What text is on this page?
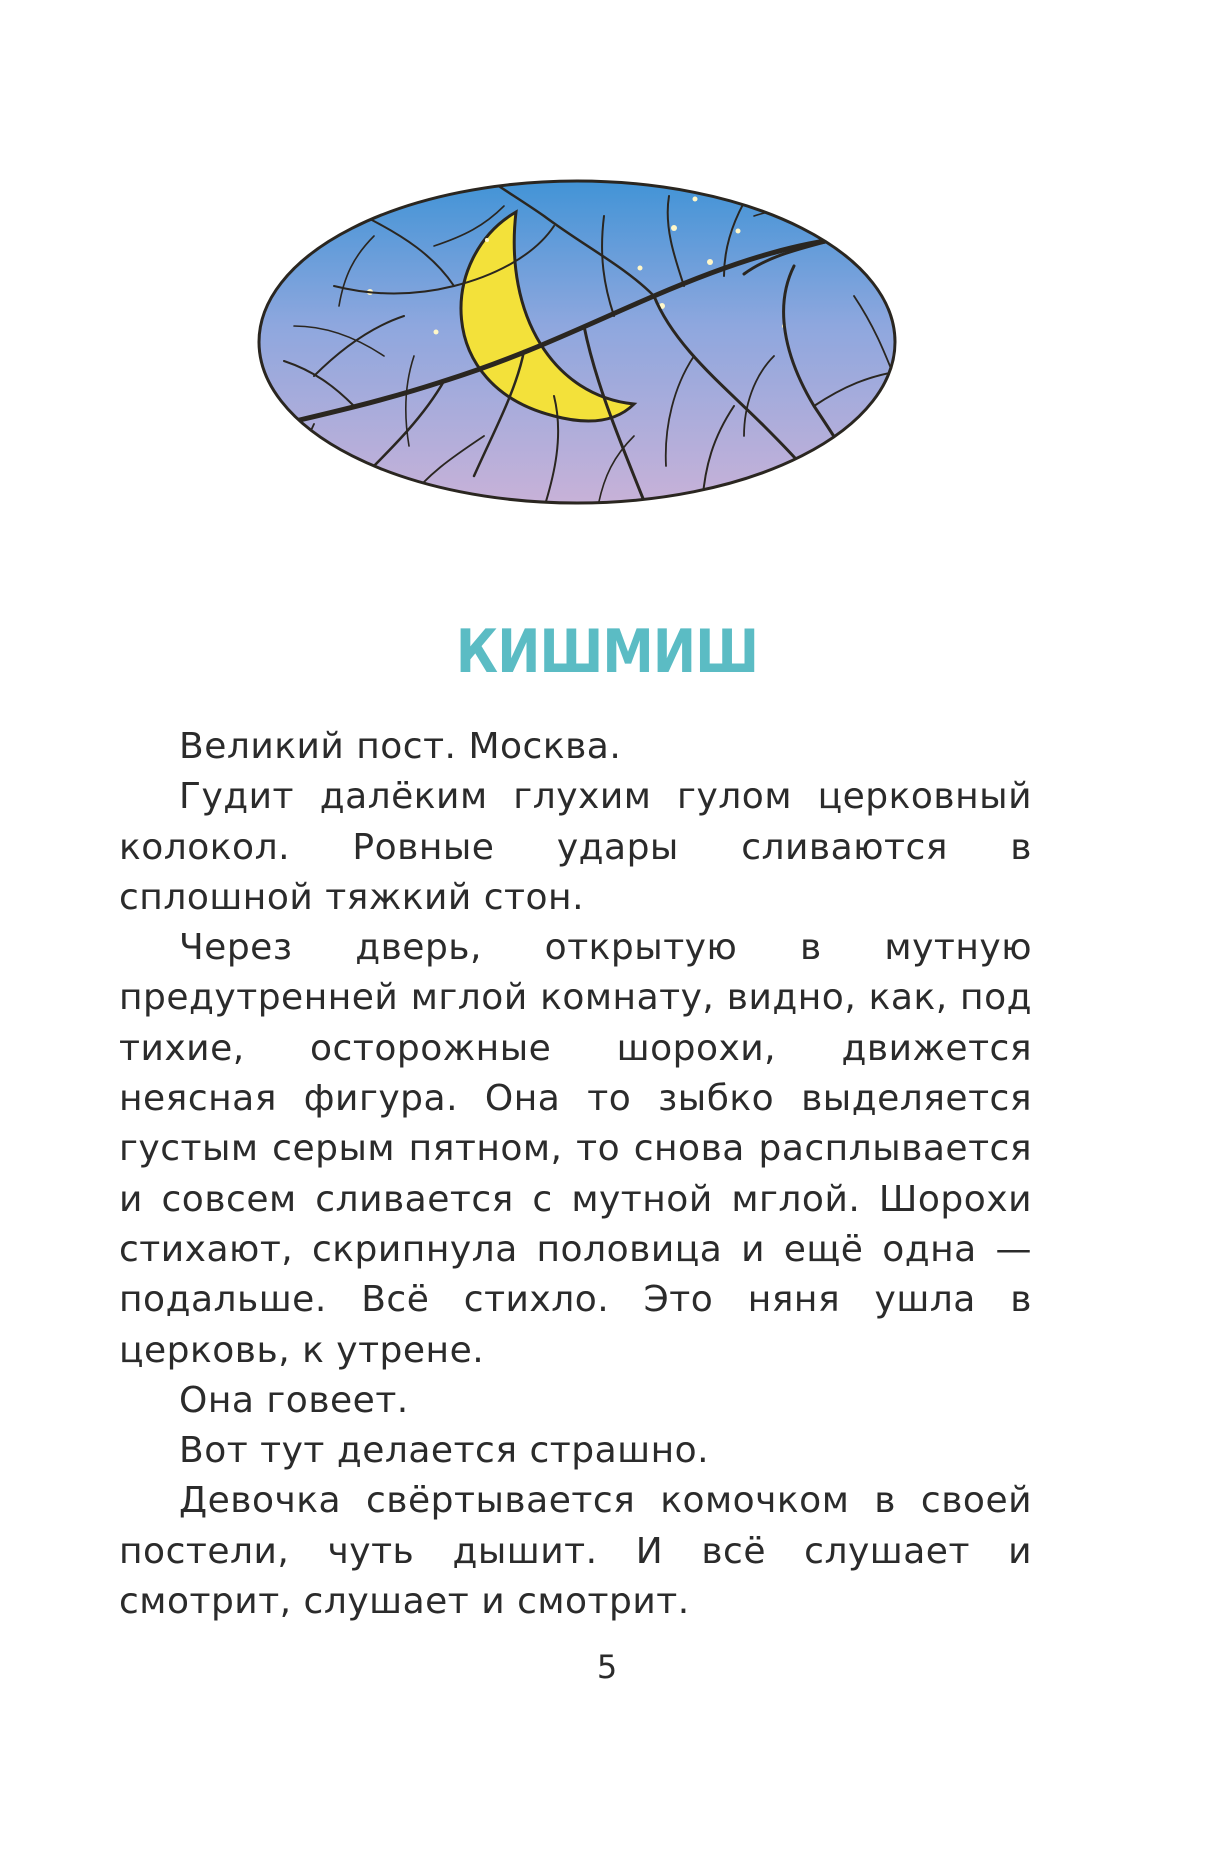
КИШМИШ

Великий пост. Москва.

Гудит далёким глухим гулом церковный колокол. Ровные удары сливаются в сплошной тяжкий стон.

Через дверь, открытую в мутную предутренней мглой комнату, видно, как, под тихие, осторожные шорохи, движется неясная фигура. Она то зыбко выделяется густым серым пятном, то снова расплывается и совсем сливается с мутной мглой. Шорохи стихают, скрипнула половица и ещё одна — подальше. Всё стихло. Это няня ушла в церковь, к утрене.

Она говеет.

Вот тут делается страшно.

Девочка свёртывается комочком в своей постели, чуть дышит. И всё слушает и смотрит, слушает и смотрит.

5
